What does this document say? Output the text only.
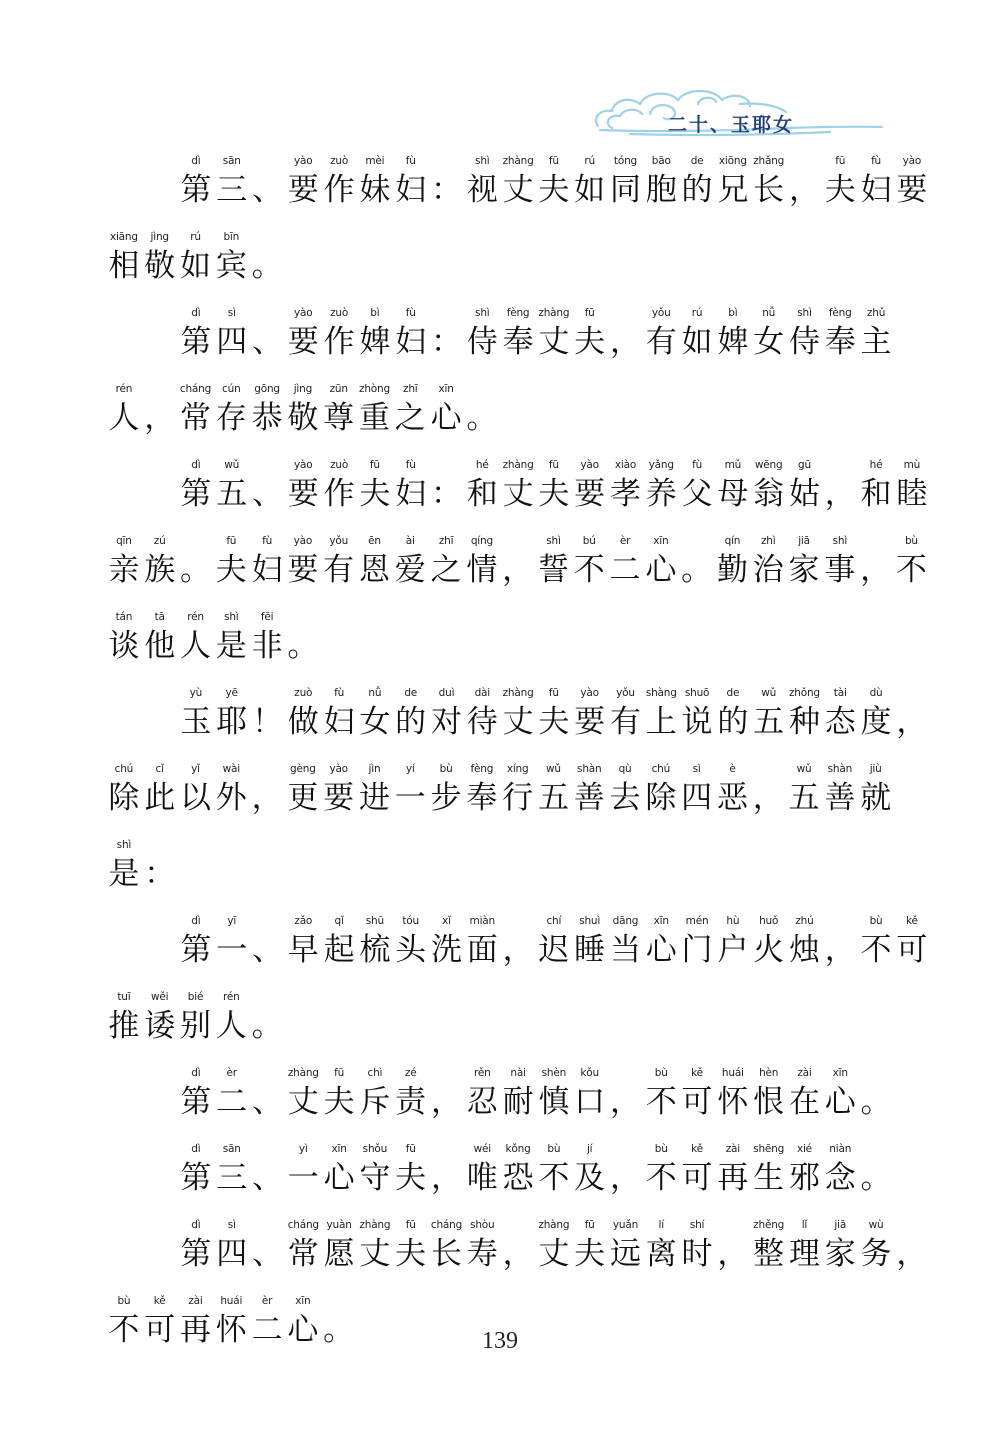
二十、玉耶女
dì
第
sān
三 、
yào
要
zuò
作
mèi
妹
fù
妇 ：
shì
视
zhàng
丈
fū
夫
rú
如
tóng
同
bāo
胞
de
的
xiōng
兄
zhǎng
长 ，
fū
夫
fù
妇
yào
要
xiāng
相
jìng
敬
rú
如
bīn
宾 。
dì
第
sì
四 、
yào
要
zuò
作
bì
婢
fù
妇 ：
shì
侍
fèng
奉
zhàng
丈
fū
夫 ，
yǒu
有
rú
如
bì
婢
nǚ
女
shì
侍
fèng
奉
zhǔ
主
rén
人 ，
cháng
常
cún
存
gōng
恭
jìng
敬
zūn
尊
zhòng
重
zhī
之
xīn
心 。
dì
第
wǔ
五 、
yào
要
zuò
作
fū
夫
fù
妇 ：
hé
和
zhàng
丈
fū
夫
yào
要
xiào
孝
yǎng
养
fù
父
mǔ
母
wēng
翁
gū
姑 ，
hé
和
mù
睦
qīn
亲
zú
族 。
fū
夫
fù
妇
yào
要
yǒu
有
ēn
恩
ài
爱
zhī
之
qíng
情 ，
shì
誓
bú
不
èr
二
xīn
心 。
qín
勤
zhì
治
jiā
家
shì
事 ，
bù
不
tán
谈
tā
他
rén
人
shì
是
fēi
非 。
yù
玉
yē
耶 ！
zuò
做
fù
妇
nǚ
女
de
的
duì
对
dài
待
zhàng
丈
fū
夫
yào
要
yǒu
有
shàng
上
shuō
说
de
的
wǔ
五
zhǒng
种
tài
态
dù
度 ，
chú
除
cǐ
此
yǐ
以
wài
外 ，
gèng
更
yào
要
jìn
进
yí
一
bù
步
fèng
奉
xíng
行
wǔ
五
shàn
善
qù
去
chú
除
sì
四
è
恶 ，
wǔ
五
shàn
善
jiù
就
shì
是 ：
dì
第
yī
一 、
zǎo
早
qǐ
起
shū
梳
tóu
头
xǐ
洗
miàn
面 ，
chí
迟
shuì
睡
dāng
当
xīn
心
mén
门
hù
户
huǒ
火
zhú
烛 ，
bù
不
kě
可
tuī
推
wěi
诿
bié
别
rén
人 。
dì
第
èr
二 、
zhàng
丈
fū
夫
chì
斥
zé
责 ，
rěn
忍
nài
耐
shèn
慎
kǒu
口 ，
bù
不
kě
可
huái
怀
hèn
恨
zài
在
xīn
心 。
dì
第
sān
三 、
yì
一
xīn
心
shǒu
守
fū
夫 ，
wéi
唯
kǒng
恐
bù
不
jí
及 ，
bù
不
kě
可
zài
再
shēng
生
xié
邪
niàn
念 。
dì
第
sì
四 、
cháng
常
yuàn
愿
zhàng
丈
fū
夫
cháng
长
shòu
寿 ，
zhàng
丈
fū
夫
yuǎn
远
lí
离
shí
时 ，
zhěng
整
lǐ
理
jiā
家
wù
务 ，
bù
不
kě
可
zài
再
huái
怀
èr
二
xīn
心 。	139
